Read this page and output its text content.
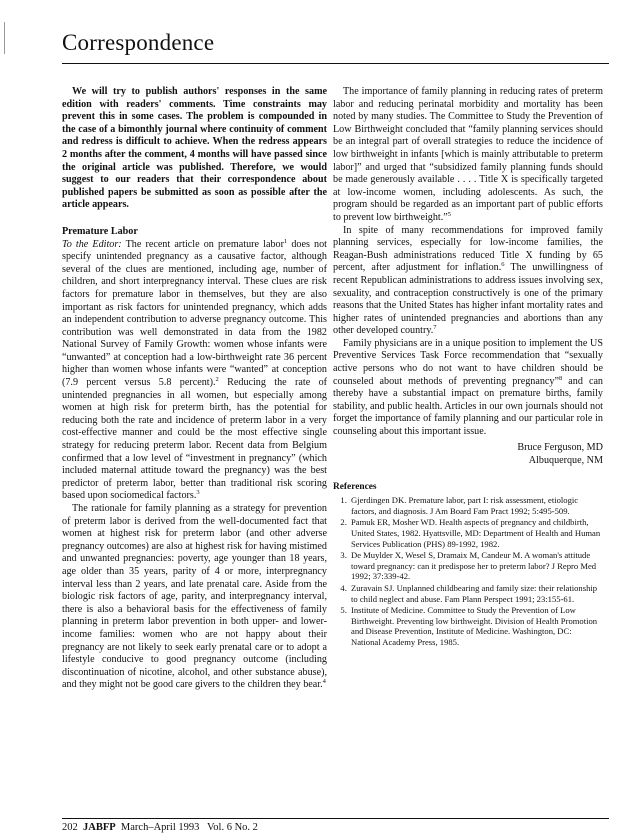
Correspondence

We will try to publish authors' responses in the same edition with readers' comments. Time constraints may prevent this in some cases. The problem is compounded in the case of a bimonthly journal where continuity of comment and redress is difficult to achieve. When the redress appears 2 months after the comment, 4 months will have passed since the original article was published. Therefore, we would suggest to our readers that their correspondence about published papers be submitted as soon as possible after the article appears.

Premature Labor

To the Editor: The recent article on premature labor$^1$ does not specify unintended pregnancy as a causative factor, although several of the clues are mentioned, including age, number of children, and short interpregnancy interval. These clues are risk factors for premature labor in themselves, but they are also important as risk factors for unintended pregnancy, which adds an independent contribution to adverse pregnancy outcome. This contribution was well demonstrated in data from the 1982 National Survey of Family Growth: women whose infants were “unwanted” at conception had a low-birthweight rate 36 percent higher than women whose infants were “wanted” at conception (7.9 percent versus 5.8 percent).$^2$ Reducing the rate of unintended pregnancies in all women, but especially among women at high risk for preterm birth, has the potential for reducing both the rate and incidence of preterm labor in a very cost-effective manner and could be the most effective single strategy for reducing preterm labor. Recent data from Belgium confirmed that a low level of “investment in pregnancy” (which included maternal attitude toward the pregnancy) was the best predictor of preterm labor, better than traditional risk scoring based upon sociomedical factors.$^3$

The rationale for family planning as a strategy for prevention of preterm labor is derived from the well-documented fact that women at highest risk for preterm labor (and other adverse pregnancy outcomes) are also at highest risk for having mistimed and unwanted pregnancies: poverty, age younger than 18 years, age older than 35 years, parity of 4 or more, interpregnancy interval less than 2 years, and late prenatal care. Aside from the biologic risk factors of age, parity, and interpregnancy interval, there is also a behavioral basis for the effectiveness of family planning in preterm labor prevention in both upper- and lower-income families: women who are not happy about their pregnancy are not likely to seek early prenatal care or to adopt a lifestyle conducive to good pregnancy outcome (including discontinuation of nicotine, alcohol, and other substance abuse), and they might not be good care givers to the children they bear.$^4$

The importance of family planning in reducing rates of preterm labor and reducing perinatal morbidity and mortality has been noted by many studies. The Committee to Study the Prevention of Low Birthweight concluded that “family planning services should be an integral part of overall strategies to reduce the incidence of low birthweight in infants [which is mainly attributable to preterm labor]” and urged that “subsidized family planning funds should be made generously available . . . . Title X is specifically targeted at low-income women, including adolescents. As such, the program should be regarded as an important part of public efforts to prevent low birthweight.”$^5$

In spite of many recommendations for improved family planning services, especially for low-income families, the Reagan-Bush administrations reduced Title X funding by 65 percent, after adjustment for inflation.$^6$ The unwillingness of recent Republican administrations to address issues involving sex, sexuality, and contraception constructively is one of the primary reasons that the United States has higher infant mortality rates and higher rates of unintended pregnancies and abortions than any other developed country.$^7$

Family physicians are in a unique position to implement the US Preventive Services Task Force recommendation that “sexually active persons who do not want to have children should be counseled about methods of preventing pregnancy”$^8$ and can thereby have a substantial impact on premature births, family stability, and public health. Articles in our own journals should not forget the importance of family planning and our particular role in counseling about this important issue.

Bruce Ferguson, MD
Albuquerque, NM

References

1. Gjerdingen DK. Premature labor, part I: risk assessment, etiologic factors, and diagnosis. J Am Board Fam Pract 1992; 5:495-509.
2. Pamuk ER, Mosher WD. Health aspects of pregnancy and childbirth, United States, 1982. Hyattsville, MD: Department of Health and Human Services Publication (PHS) 89-1992, 1982.
3. De Muylder X, Wesel S, Dramaix M, Candeur M. A woman's attitude toward pregnancy: can it predispose her to preterm labor? J Repro Med 1992; 37:339-42.
4. Zuravain SJ. Unplanned childbearing and family size: their relationship to child neglect and abuse. Fam Plann Perspect 1991; 23:155-61.
5. Institute of Medicine. Committee to Study the Prevention of Low Birthweight. Preventing low birthweight. Division of Health Promotion and Disease Prevention, Institute of Medicine. Washington, DC: National Academy Press, 1985.
202 JABFP March–April 1993   Vol. 6 No. 2
